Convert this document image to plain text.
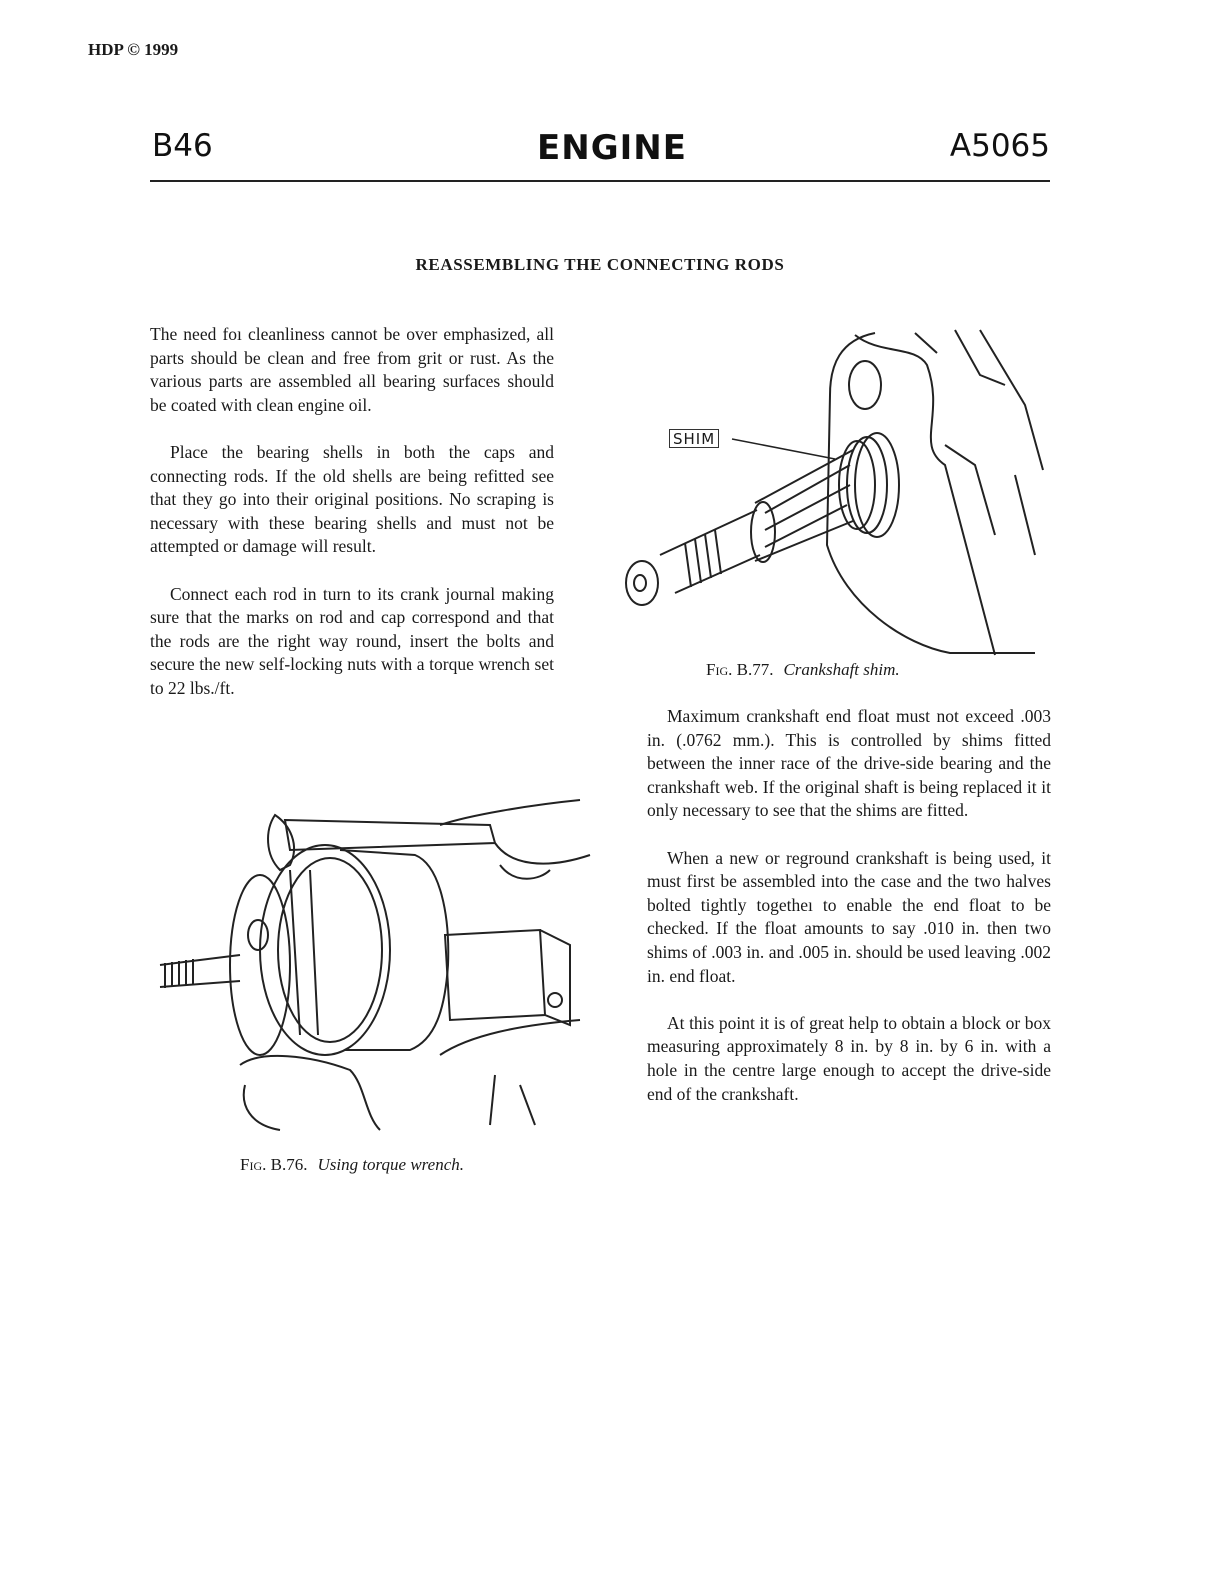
HDP © 1999
B46	ENGINE	A5065
REASSEMBLING THE CONNECTING RODS

The need foı cleanliness cannot be over emphasized, all parts should be clean and free from grit or rust. As the various parts are assembled all bearing surfaces should be coated with clean engine oil.

Place the bearing shells in both the caps and connecting rods. If the old shells are being refitted see that they go into their original positions. No scraping is necessary with these bearing shells and must not be attempted or damage will result.

Connect each rod in turn to its crank journal making sure that the marks on rod and cap correspond and that the rods are the right way round, insert the bolts and secure the new self-locking nuts with a torque wrench set to 22 lbs./ft.

SHIM
Fig. B.77. Crankshaft shim.

Maximum crankshaft end float must not exceed .003 in. (.0762 mm.). This is controlled by shims fitted between the inner race of the drive-side bearing and the crankshaft web. If the original shaft is being replaced it it only necessary to see that the shims are fitted.

When a new or reground crankshaft is being used, it must first be assembled into the case and the two halves bolted tightly togetheı to enable the end float to be checked. If the float amounts to say .010 in. then two shims of .003 in. and .005 in. should be used leaving .002 in. end float.

At this point it is of great help to obtain a block or box measuring approximately 8 in. by 8 in. by 6 in. with a hole in the centre large enough to accept the drive-side end of the crankshaft.

Fig. B.76. Using torque wrench.
